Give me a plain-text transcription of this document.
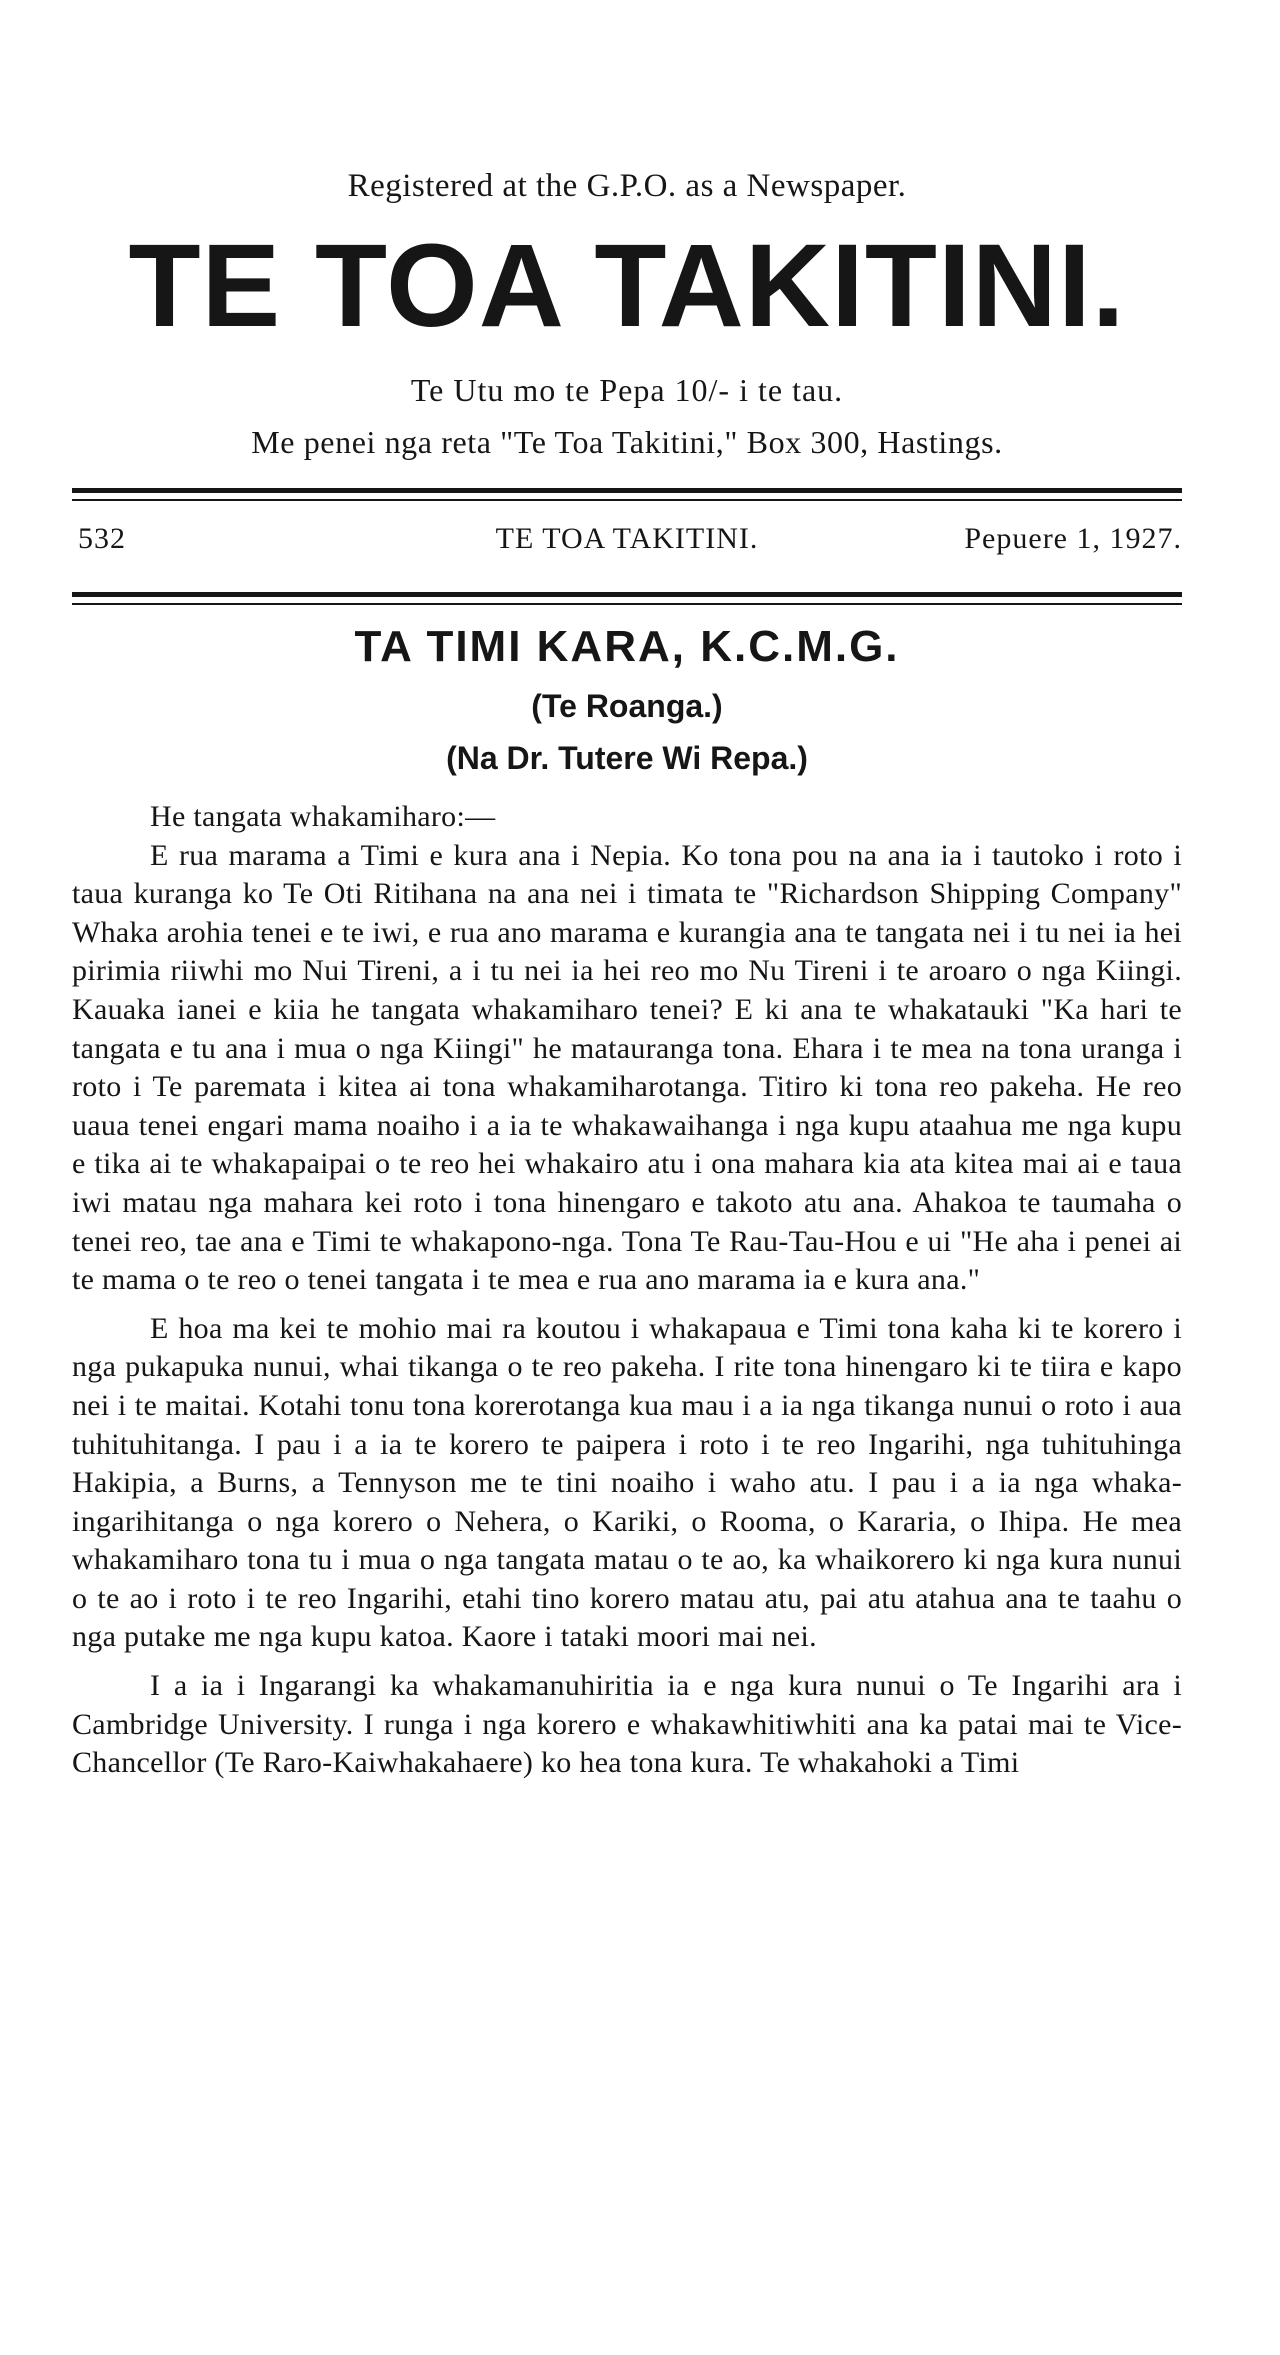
Registered at the G.P.O. as a Newspaper.
TE TOA TAKITINI.
Te Utu mo te Pepa 10/- i te tau.
Me penei nga reta "Te Toa Takitini," Box 300, Hastings.
532	TE TOA TAKITINI.	Pepuere 1, 1927.
TA TIMI KARA, K.C.M.G.
(Te Roanga.)
(Na Dr. Tutere Wi Repa.)

He tangata whakamiharo:—

E rua marama a Timi e kura ana i Nepia. Ko tona pou na ana ia i tautoko i roto i taua kuranga ko Te Oti Ritihana na ana nei i timata te "Richardson Shipping Company" Whaka arohia tenei e te iwi, e rua ano marama e kurangia ana te tangata nei i tu nei ia hei pirimia riiwhi mo Nui Tireni, a i tu nei ia hei reo mo Nu Tireni i te aroaro o nga Kiingi. Kauaka ianei e kiia he tangata whakamiharo tenei? E ki ana te whakatauki "Ka hari te tangata e tu ana i mua o nga Kiingi" he matauranga tona. Ehara i te mea na tona uranga i roto i Te paremata i kitea ai tona whakamiharotanga. Titiro ki tona reo pakeha. He reo uaua tenei engari mama noaiho i a ia te whakawaihanga i nga kupu ataahua me nga kupu e tika ai te whakapaipai o te reo hei whakairo atu i ona mahara kia ata kitea mai ai e taua iwi matau nga mahara kei roto i tona hinengaro e takoto atu ana. Ahakoa te taumaha o tenei reo, tae ana e Timi te whakapono-nga. Tona Te Rau-Tau-Hou e ui "He aha i penei ai te mama o te reo o tenei tangata i te mea e rua ano marama ia e kura ana."

E hoa ma kei te mohio mai ra koutou i whakapaua e Timi tona kaha ki te korero i nga pukapuka nunui, whai tikanga o te reo pakeha. I rite tona hinengaro ki te tiira e kapo nei i te maitai. Kotahi tonu tona korerotanga kua mau i a ia nga tikanga nunui o roto i aua tuhituhitanga. I pau i a ia te korero te paipera i roto i te reo Ingarihi, nga tuhituhinga Hakipia, a Burns, a Tennyson me te tini noaiho i waho atu. I pau i a ia nga whaka-ingarihitanga o nga korero o Nehera, o Kariki, o Rooma, o Kararia, o Ihipa. He mea whakamiharo tona tu i mua o nga tangata matau o te ao, ka whaikorero ki nga kura nunui o te ao i roto i te reo Ingarihi, etahi tino korero matau atu, pai atu atahua ana te taahu o nga putake me nga kupu katoa. Kaore i tataki moori mai nei.

I a ia i Ingarangi ka whakamanuhiritia ia e nga kura nunui o Te Ingarihi ara i Cambridge University. I runga i nga korero e whakawhitiwhiti ana ka patai mai te Vice-Chancellor (Te Raro-Kaiwhakahaere) ko hea tona kura. Te whakahoki a Timi
